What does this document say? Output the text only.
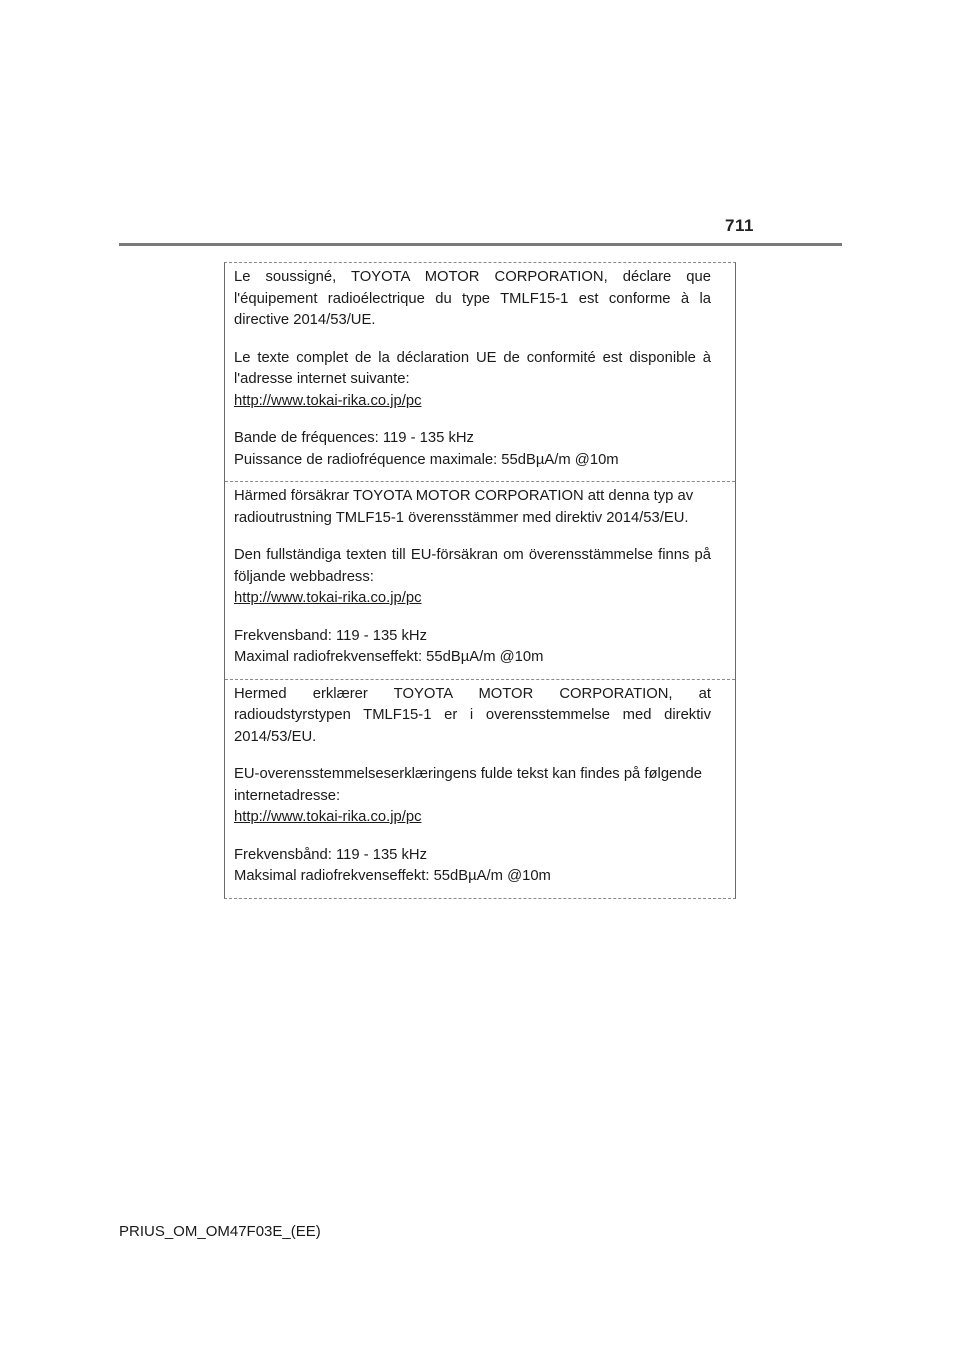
711

Le soussigné, TOYOTA MOTOR CORPORATION, déclare que l'équipement radioélectrique du type TMLF15-1 est conforme à la directive 2014/53/UE.

Le texte complet de la déclaration UE de conformité est disponible à l'adresse internet suivante:
http://www.tokai-rika.co.jp/pc

Bande de fréquences: 119 - 135 kHz
Puissance de radiofréquence maximale: 55dBµA/m @10m

Härmed försäkrar TOYOTA MOTOR CORPORATION att denna typ av radioutrustning TMLF15-1 överensstämmer med direktiv 2014/53/EU.

Den fullständiga texten till EU-försäkran om överensstämmelse finns på följande webbadress:
http://www.tokai-rika.co.jp/pc

Frekvensband: 119 - 135 kHz
Maximal radiofrekvenseffekt: 55dBµA/m @10m

Hermed erklærer TOYOTA MOTOR CORPORATION, at radioudstyrstypen TMLF15-1 er i overensstemmelse med direktiv 2014/53/EU.

EU-overensstemmelseserklæringens fulde tekst kan findes på følgende internetadresse:
http://www.tokai-rika.co.jp/pc

Frekvensbånd: 119 - 135 kHz
Maksimal radiofrekvenseffekt: 55dBµA/m @10m

PRIUS_OM_OM47F03E_(EE)
